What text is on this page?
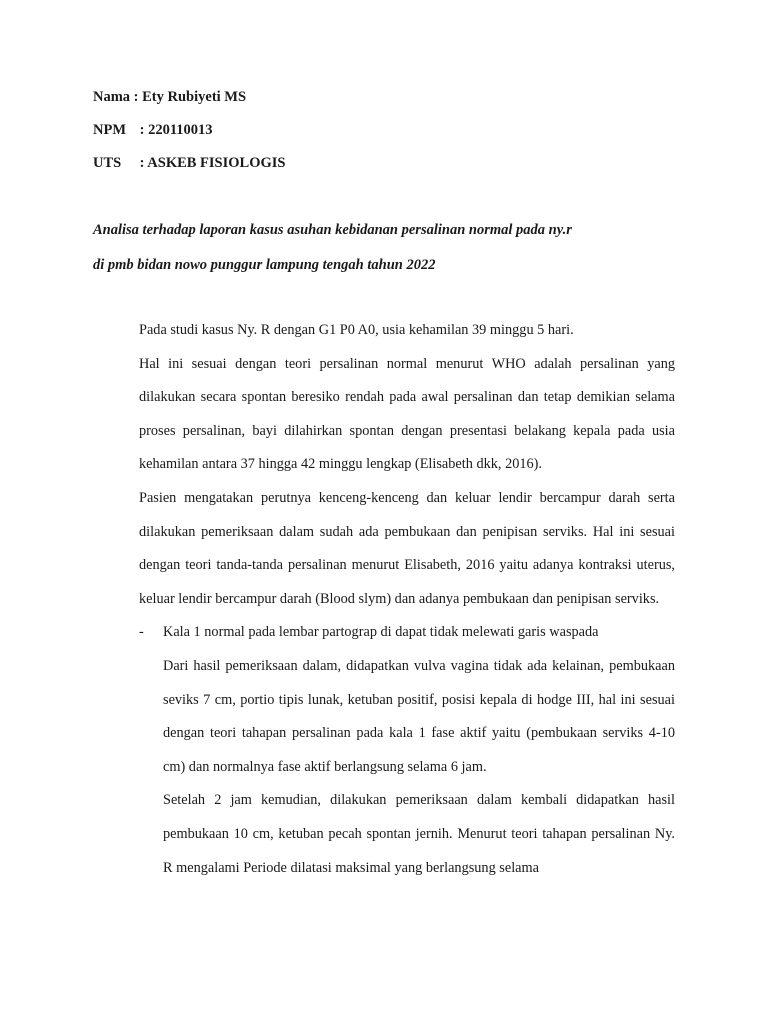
Nama : Ety Rubiyeti MS
NPM : 220110013
UTS : ASKEB FISIOLOGIS
Analisa terhadap laporan kasus asuhan kebidanan persalinan normal pada ny.r
di pmb bidan nowo punggur lampung tengah tahun 2022

Pada studi kasus Ny. R dengan G1 P0 A0, usia kehamilan 39 minggu 5 hari.

Hal ini sesuai dengan teori persalinan normal menurut WHO adalah persalinan yang dilakukan secara spontan beresiko rendah pada awal persalinan dan tetap demikian selama proses persalinan, bayi dilahirkan spontan dengan presentasi belakang kepala pada usia kehamilan antara 37 hingga 42 minggu lengkap (Elisabeth dkk, 2016).

Pasien mengatakan perutnya kenceng-kenceng dan keluar lendir bercampur darah serta dilakukan pemeriksaan dalam sudah ada pembukaan dan penipisan serviks. Hal ini sesuai dengan teori tanda-tanda persalinan menurut Elisabeth, 2016 yaitu adanya kontraksi uterus, keluar lendir bercampur darah (Blood slym) dan adanya pembukaan dan penipisan serviks.

- Kala 1 normal pada lembar partograp di dapat tidak melewati garis waspada

Dari hasil pemeriksaan dalam, didapatkan vulva vagina tidak ada kelainan, pembukaan seviks 7 cm, portio tipis lunak, ketuban positif, posisi kepala di hodge III, hal ini sesuai dengan teori tahapan persalinan pada kala 1 fase aktif yaitu (pembukaan serviks 4-10 cm) dan normalnya fase aktif berlangsung selama 6 jam.

Setelah 2 jam kemudian, dilakukan pemeriksaan dalam kembali didapatkan hasil pembukaan 10 cm, ketuban pecah spontan jernih. Menurut teori tahapan persalinan Ny. R mengalami Periode dilatasi maksimal yang berlangsung selama
